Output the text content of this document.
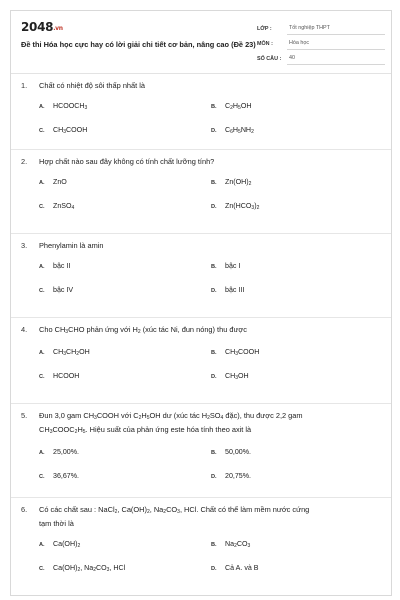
2048.vn
Đề thi Hóa học cực hay có lời giải chi tiết cơ bản, nâng cao (Đề 23)
LỚP :	Tốt nghiệp THPT
MÔN :	Hóa học
SỐ CÂU :	40
1.	Chất có nhiệt độ sôi thấp nhất là
A.	$HCOOCH_3$	B.	$C_2H_5OH$
C.	$CH_3COOH$	D.	$C_6H_5NH_2$
2.	Hợp chất nào sau đây không có tính chất lưỡng tính?
A.	ZnO	B.	$Zn(OH)_2$
C.	ZnSO$_4$	D.	$Zn(HCO_3)_2$
3.	Phenylamin là amin
A.	bậc II	B.	bậc I
C.	bậc IV	D.	bậc III
4.	Cho $CH_3CHO$ phản ứng với $H_2$ (xúc tác Ni, đun nóng) thu được
A.	$CH_3CH_2OH$	B.	$CH_3COOH$
C.	HCOOH	D.	$CH_3OH$
5.	Đun 3,0 gam $CH_3COOH$ với $C_2H_5OH$ dư (xúc tác $H_2SO_4$ đặc), thu được 2,2 gam
$CH_3COOC_2H_5$. Hiệu suất của phản ứng este hóa tính theo axit là
A.	25,00%.	B.	50,00%.
C.	36,67%.	D.	20,75%.
6.	Có các chất sau : NaCl$_2$, $Ca(OH)_2$, $Na_2CO_3$, HCl. Chất có thể làm mềm nước cứng
tạm thời là
A.	$Ca(OH)_2$	B.	$Na_2CO_3$
C.	$Ca(OH)_2$, $Na_2CO_3$, HCl	D.	Cả A. và B
